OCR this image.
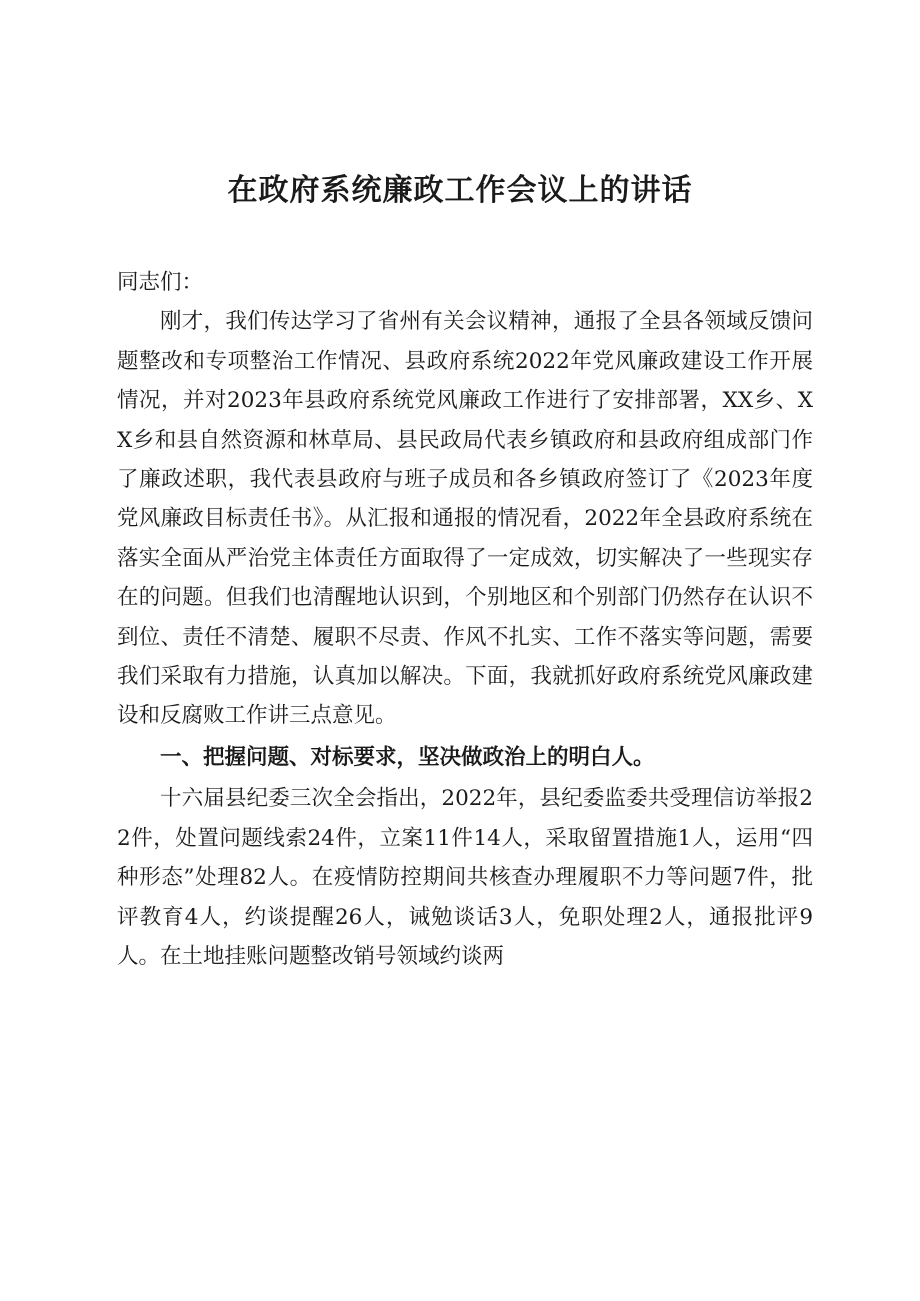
在政府系统廉政工作会议上的讲话

同志们：

刚才，我们传达学习了省州有关会议精神，通报了全县各领域反馈问题整改和专项整治工作情况、县政府系统2022年党风廉政建设工作开展情况，并对2023年县政府系统党风廉政工作进行了安排部署，XX乡、XX乡和县自然资源和林草局、县民政局代表乡镇政府和县政府组成部门作了廉政述职，我代表县政府与班子成员和各乡镇政府签订了《2023年度党风廉政目标责任书》。从汇报和通报的情况看，2022年全县政府系统在落实全面从严治党主体责任方面取得了一定成效，切实解决了一些现实存在的问题。但我们也清醒地认识到，个别地区和个别部门仍然存在认识不到位、责任不清楚、履职不尽责、作风不扎实、工作不落实等问题，需要我们采取有力措施，认真加以解决。下面，我就抓好政府系统党风廉政建设和反腐败工作讲三点意见。

一、把握问题、对标要求，坚决做政治上的明白人。

十六届县纪委三次全会指出，2022年，县纪委监委共受理信访举报22件，处置问题线索24件，立案11件14人，采取留置措施1人，运用“四种形态”处理82人。在疫情防控期间共核查办理履职不力等问题7件，批评教育4人，约谈提醒26人，诫勉谈话3人，免职处理2人，通报批评9人。在土地挂账问题整改销号领域约谈两
